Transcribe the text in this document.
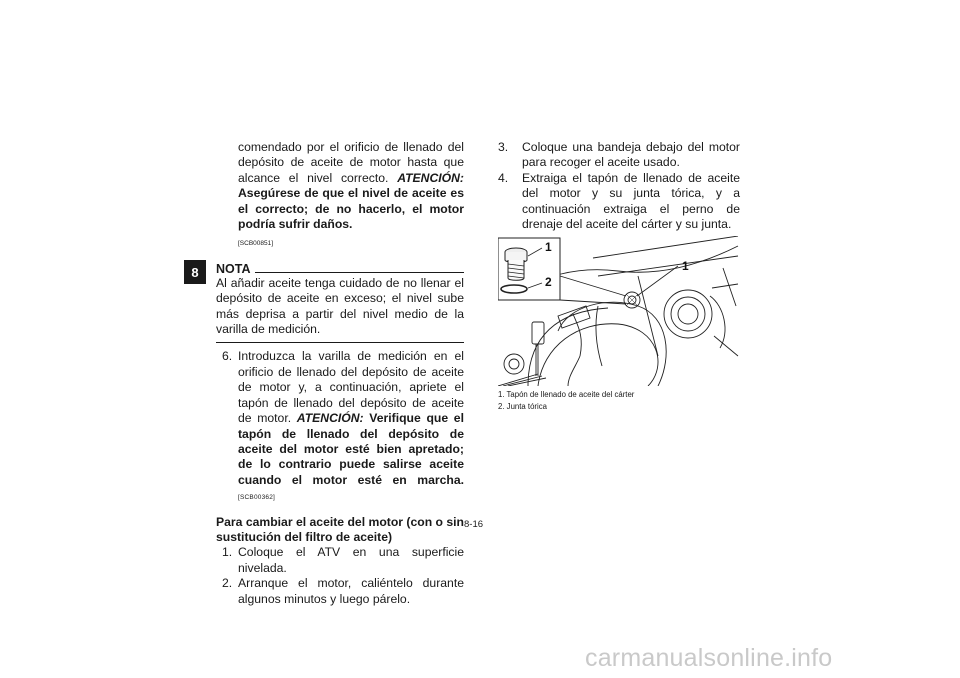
8

comendado por el orificio de llenado del depósito de aceite de motor hasta que alcance el nivel correcto. ATENCIÓN: Asegúrese de que el nivel de aceite es el correcto; de no hacerlo, el motor podría sufrir daños.

[SCB00851]
NOTA

Al añadir aceite tenga cuidado de no llenar el depósito de aceite en exceso; el nivel sube más deprisa a partir del nivel medio de la varilla de medición.

6. Introduzca la varilla de medición en el orificio de llenado del depósito de aceite de motor y, a continuación, apriete el tapón de llenado del depósito de aceite de motor. ATENCIÓN: Verifique que el tapón de llenado del depósito de aceite del motor esté bien apretado; de lo contrario puede salirse aceite cuando el motor esté en marcha. [SCB00362]

Para cambiar el aceite del motor (con o sin sustitución del filtro de aceite)

1. Coloque el ATV en una superficie nivelada.

2. Arranque el motor, caliéntelo durante algunos minutos y luego párelo.

3. Coloque una bandeja debajo del motor para recoger el aceite usado.

4. Extraiga el tapón de llenado de aceite del motor y su junta tórica, y a continuación extraiga el perno de drenaje del aceite del cárter y su junta.

1
2
1

1. Tapón de llenado de aceite del cárter

2. Junta tórica

8-16
carmanualsonline.info
